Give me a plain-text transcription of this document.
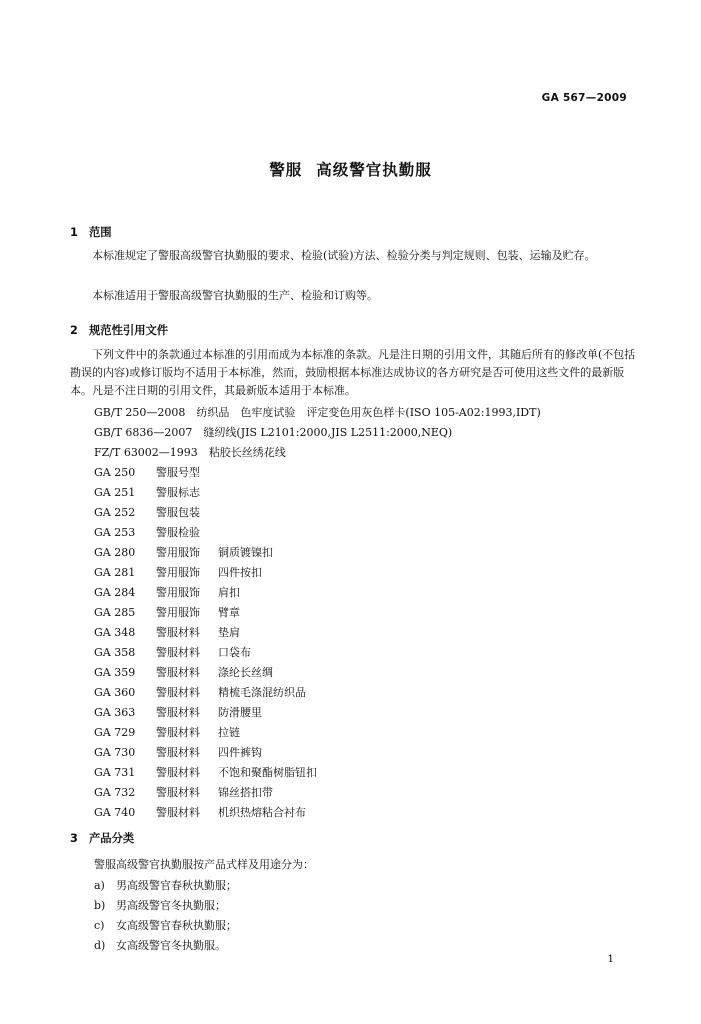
GA 567—2009
警服 高级警官执勤服
1 范围
本标准规定了警服高级警官执勤服的要求、检验(试验)方法、检验分类与判定规则、包装、运输及贮存。
本标准适用于警服高级警官执勤服的生产、检验和订购等。
2 规范性引用文件
下列文件中的条款通过本标准的引用而成为本标准的条款。凡是注日期的引用文件，其随后所有的修改单(不包括勘误的内容)或修订版均不适用于本标准，然而，鼓励根据本标准达成协议的各方研究是否可使用这些文件的最新版本。凡是不注日期的引用文件，其最新版本适用于本标准。
GB/T 250—2008　 纺织品　色牢度试验　评定变色用灰色样卡(ISO 105-A02:1993,IDT)
GB/T 6836—2007　 缝纫线(JIS L2101:2000,JIS L2511:2000,NEQ)
FZ/T 63002—1993　 粘胶长丝绣花线
GA 250　 警服号型
GA 251　 警服标志
GA 252　 警服包装
GA 253　 警服检验
GA 280　 警用服饰 铜质镀镍扣
GA 281　 警用服饰 四件按扣
GA 284　 警用服饰 肩扣
GA 285　 警用服饰 臂章
GA 348　 警服材料 垫肩
GA 358　 警服材料 口袋布
GA 359　 警服材料 涤纶长丝绸
GA 360　 警服材料 精梳毛涤混纺织品
GA 363　 警服材料 防滑腰里
GA 729　 警服材料 拉链
GA 730　 警服材料 四件裤钩
GA 731　 警服材料 不饱和聚酯树脂钮扣
GA 732　 警服材料 锦丝搭扣带
GA 740　 警服材料 机织热熔粘合衬布
3 产品分类
警服高级警官执勤服按产品式样及用途分为：
a) 男高级警官春秋执勤服；
b) 男高级警官冬执勤服；
c) 女高级警官春秋执勤服；
d) 女高级警官冬执勤服。
1
